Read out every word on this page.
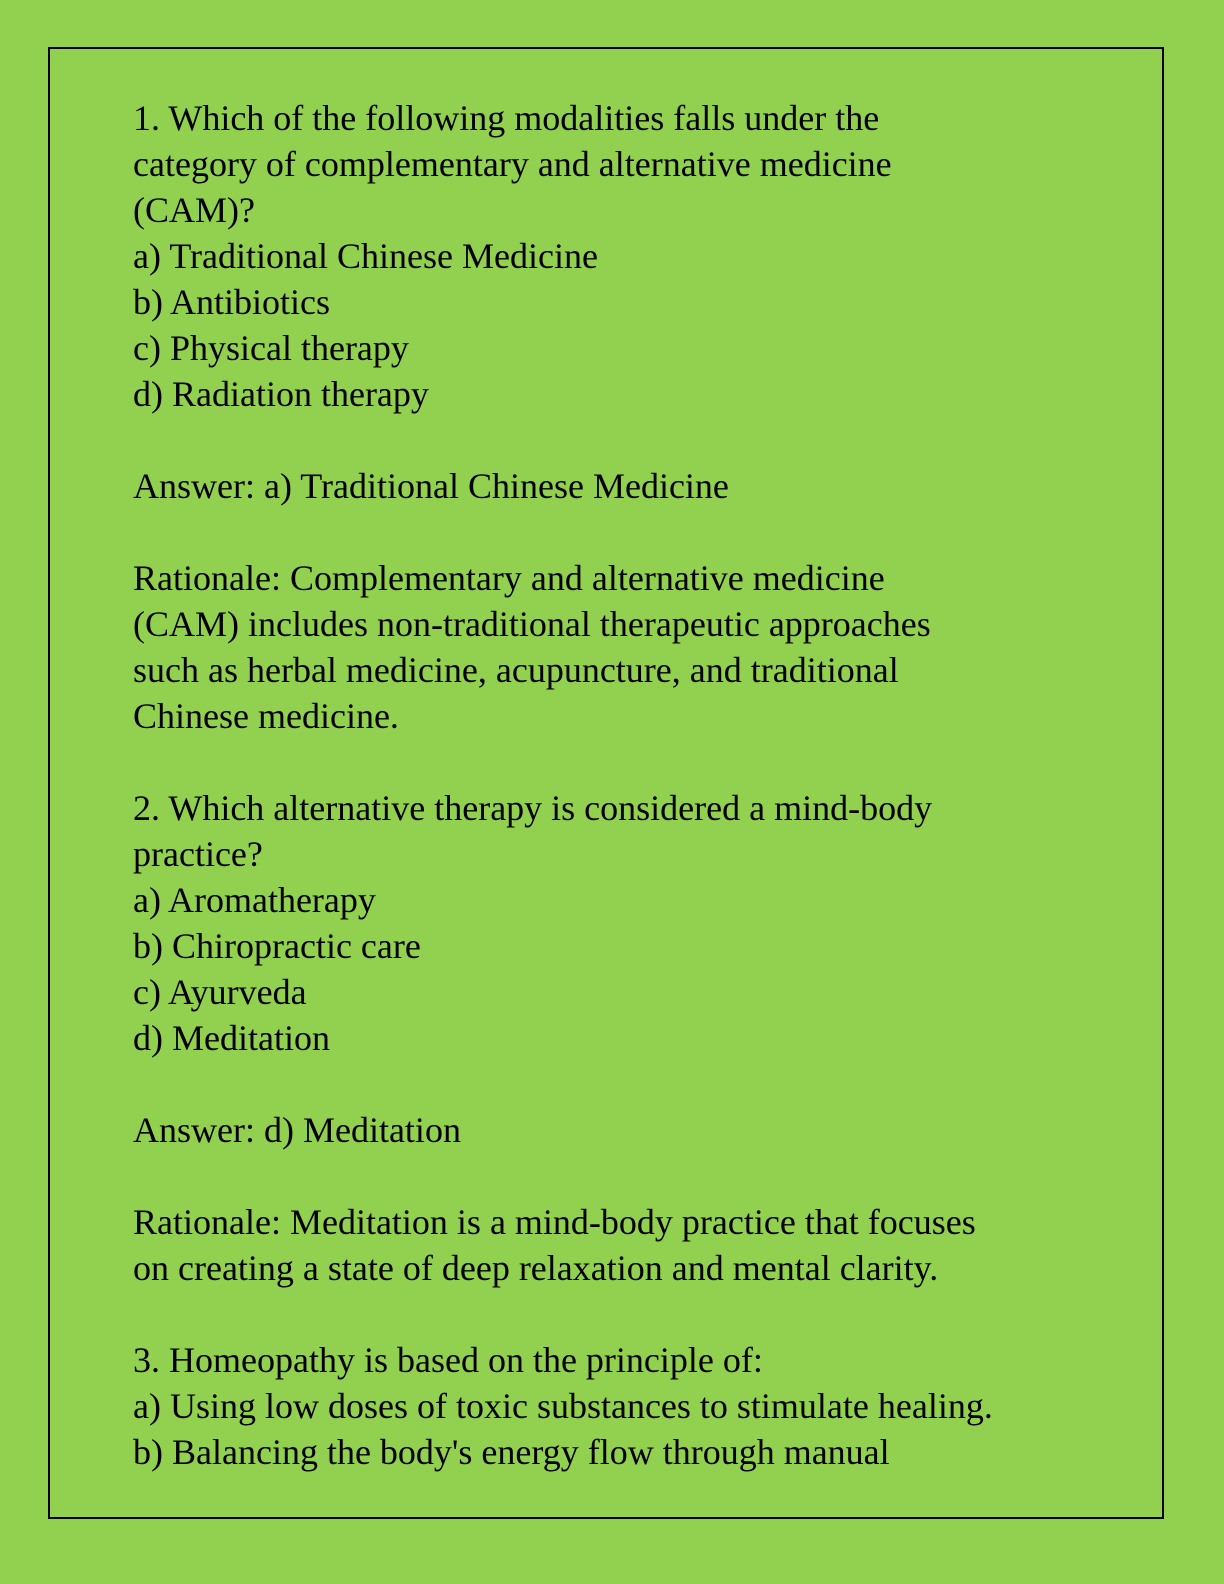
1. Which of the following modalities falls under the
category of complementary and alternative medicine
(CAM)?
a) Traditional Chinese Medicine
b) Antibiotics
c) Physical therapy
d) Radiation therapy
Answer: a) Traditional Chinese Medicine
Rationale: Complementary and alternative medicine
(CAM) includes non-traditional therapeutic approaches
such as herbal medicine, acupuncture, and traditional
Chinese medicine.
2. Which alternative therapy is considered a mind-body
practice?
a) Aromatherapy
b) Chiropractic care
c) Ayurveda
d) Meditation
Answer: d) Meditation
Rationale: Meditation is a mind-body practice that focuses
on creating a state of deep relaxation and mental clarity.
3. Homeopathy is based on the principle of:
a) Using low doses of toxic substances to stimulate healing.
b) Balancing the body's energy flow through manual
